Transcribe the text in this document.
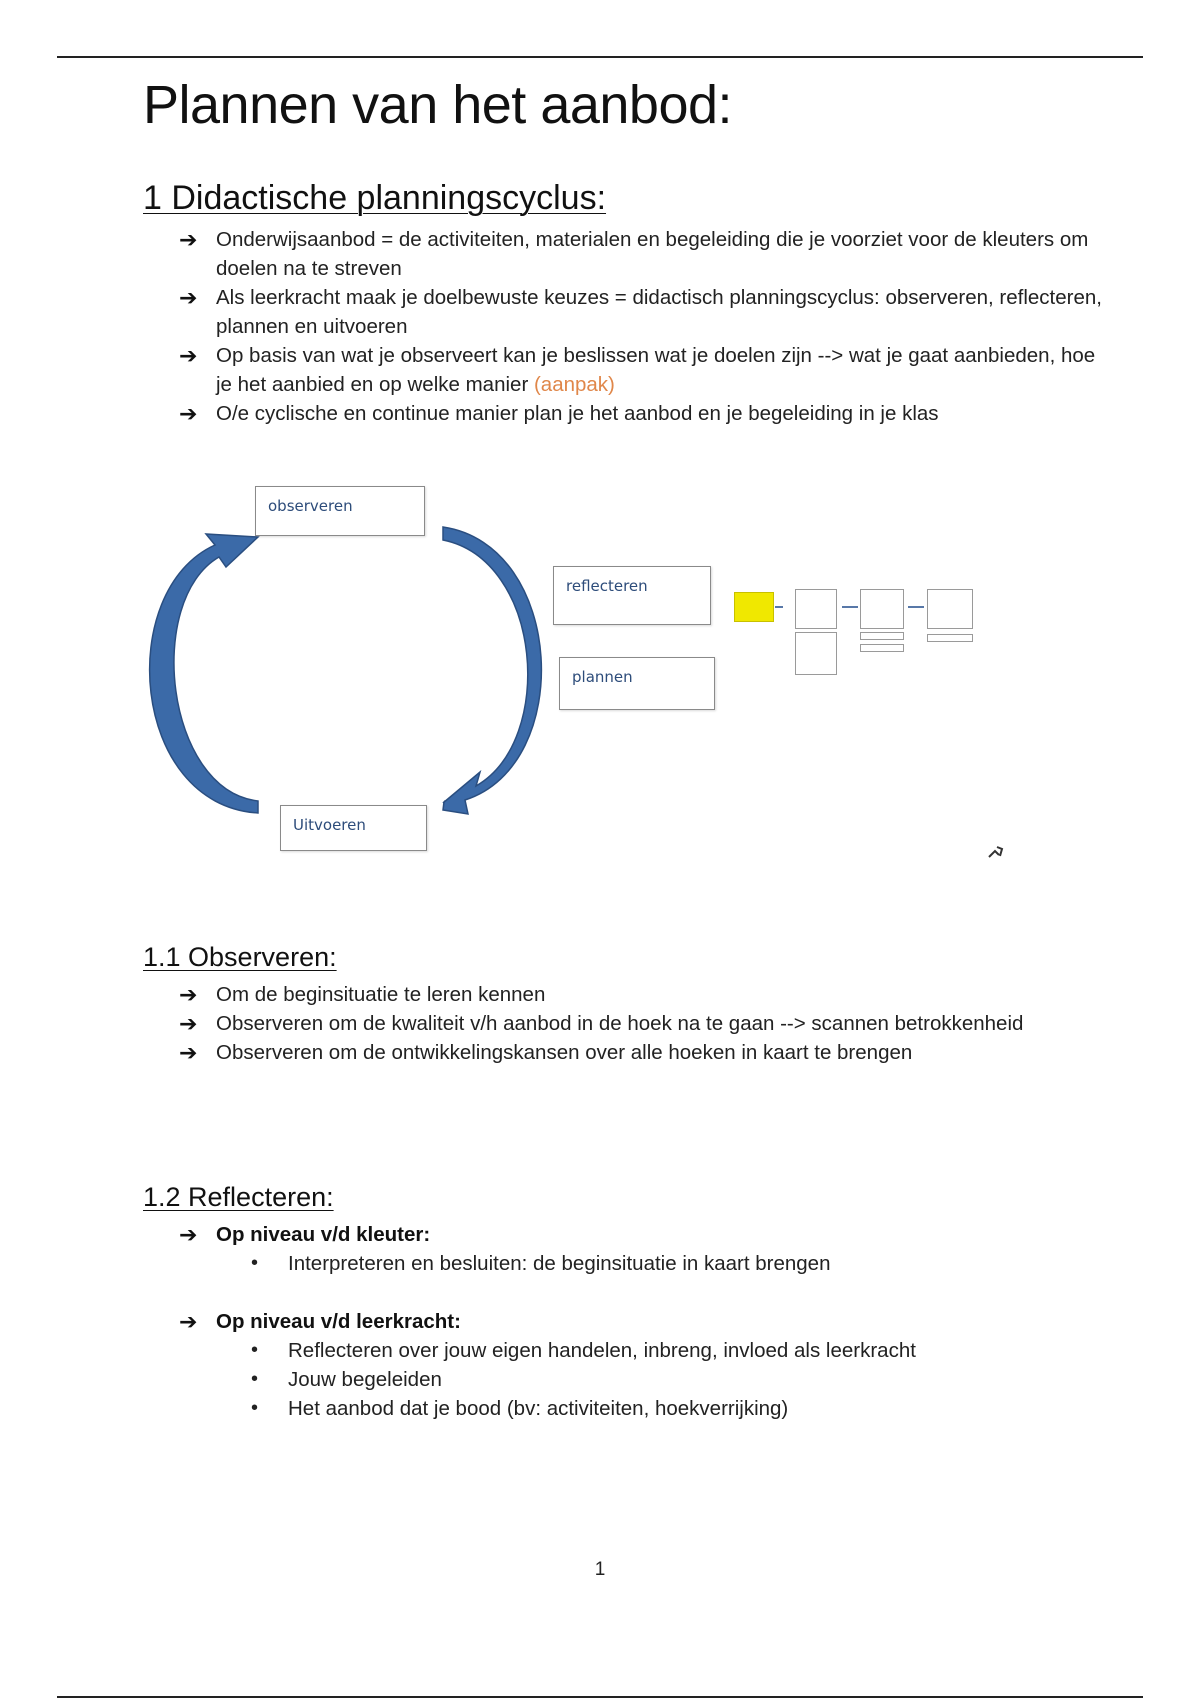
Plannen van het aanbod:
1 Didactische planningscyclus:
➔ Onderwijsaanbod = de activiteiten, materialen en begeleiding die je voorziet voor de kleuters om doelen na te streven
➔ Als leerkracht maak je doelbewuste keuzes = didactisch planningscyclus: observeren, reflecteren, plannen en uitvoeren
➔ Op basis van wat je observeert kan je beslissen wat je doelen zijn --> wat je gaat aanbieden, hoe je het aanbied en op welke manier (aanpak)
➔ O/e cyclische en continue manier plan je het aanbod en je begeleiding in je klas
observeren
reflecteren
plannen
Uitvoeren
1.1 Observeren:
➔ Om de beginsituatie te leren kennen
➔ Observeren om de kwaliteit v/h aanbod in de hoek na te gaan --> scannen betrokkenheid
➔ Observeren om de ontwikkelingskansen over alle hoeken in kaart te brengen
1.2 Reflecteren:
➔ Op niveau v/d kleuter:
• Interpreteren en besluiten: de beginsituatie in kaart brengen
➔ Op niveau v/d leerkracht:
• Reflecteren over jouw eigen handelen, inbreng, invloed als leerkracht
• Jouw begeleiden
• Het aanbod dat je bood (bv: activiteiten, hoekverrijking)
1
